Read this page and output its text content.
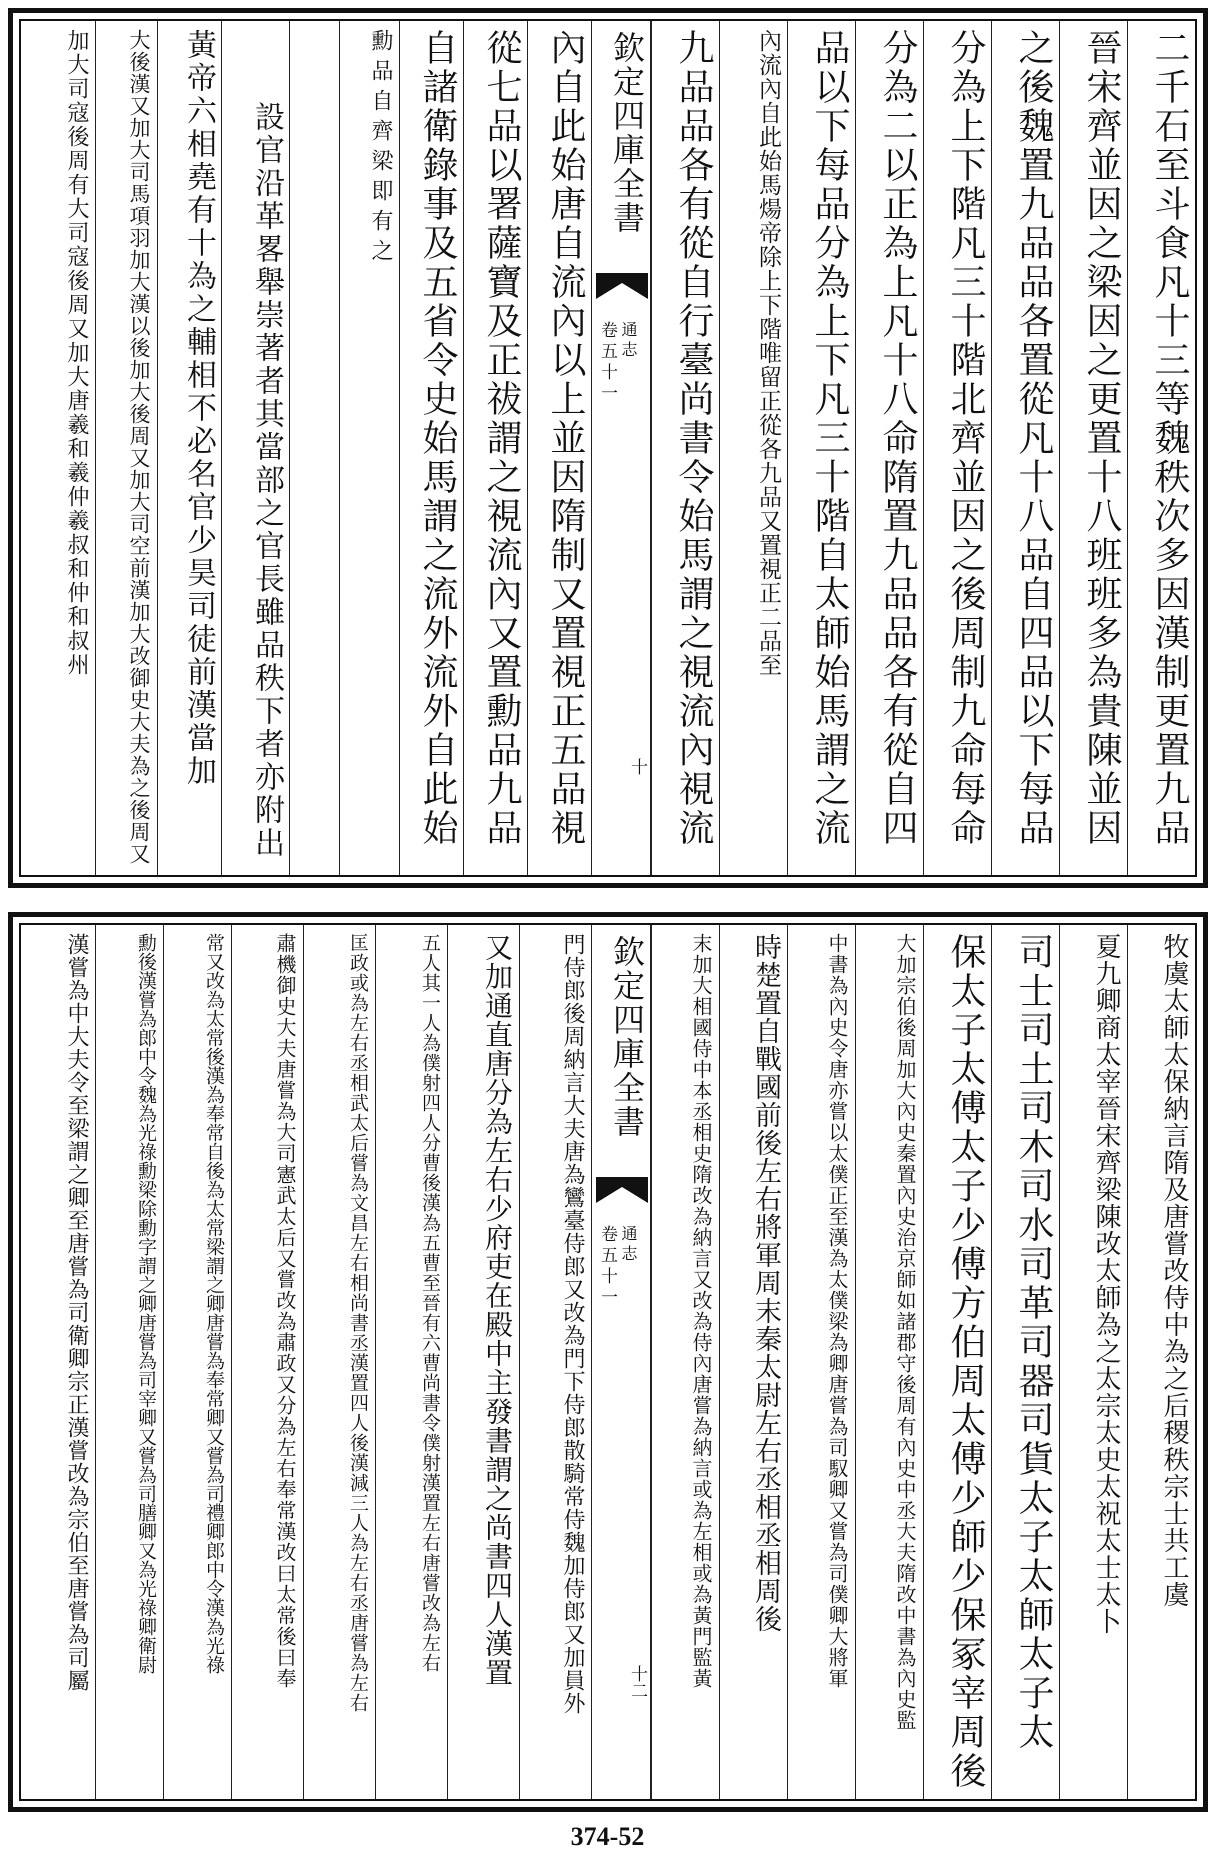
二千石至斗食凡十三等魏秩次多因漢制更置九品
晉宋齊並因之梁因之更置十八班班多為貴陳並因
之後魏置九品品各置從凡十八品自四品以下每品
分為上下階凡三十階北齊並因之後周制九命每命
分為二以正為上凡十八命隋置九品品各有從自四
品以下每品分為上下凡三十階自太師始馬謂之流
內流內自此始馬煬帝除上下階唯留正從各九品又置視正二品至
九品品各有從自行臺尚書令始馬謂之視流內視流
欽定四庫全書
卷五十一 通志
十
內自此始唐自流內以上並因隋制又置視正五品視
從七品以署薩寶及正祓謂之視流內又置勳品九品
自諸衛錄事及五省令史始馬謂之流外流外自此始
勳品自齊梁即有之
設官沿革畧舉崇著者其當部之官長雖品秩下者亦附出
黃帝六相堯有十為之輔相不必名官少昊司徒前漢當加
大後漢又加大司馬項羽加大漢以後加大後周又加大司空前漢加大改御史大夫為之後周又
加大司寇後周有大司寇後周又加大唐羲和羲仲羲叔和仲和叔州
牧虞太師太保納言隋及唐嘗改侍中為之后稷秩宗士共工虞
夏九卿商太宰晉宋齊梁陳改太師為之太宗太史太祝太士太卜
司士司土司木司水司革司器司貨太子太師太子太
保太子太傅太子少傅方伯周太傅少師少保冢宰周後
大加宗伯後周加大內史秦置內史治京師如諸郡守後周有內史中丞大夫隋改中書為內史監
中書為內史令唐亦嘗以太僕正至漢為太僕梁為卿唐嘗為司馭卿又嘗為司僕卿大將軍
時楚置自戰國前後左右將軍周末秦太尉左右丞相丞相周後
末加大相國侍中本丞相史隋改為納言又改為侍內唐嘗為納言或為左相或為黃門監黃
欽定四庫全書
卷五十一 通志
十二
門侍郎後周納言大夫唐為鸞臺侍郎又改為門下侍郎散騎常侍魏加侍郎又加員外
又加通直唐分為左右少府吏在殿中主發書謂之尚書四人漢置
五人其一人為僕射四人分曹後漢為五曹至晉有六曹尚書令僕射漢置左右唐嘗改為左右
匡政或為左右丞相武太后嘗為文昌左右相尚書丞漢置四人後漢減三人為左右丞唐嘗為左右
肅機御史大夫唐嘗為大司憲武太后又嘗改為肅政又分為左右奉常漢改曰太常後曰奉
常又改為太常後漢為奉常自後為太常梁謂之卿唐嘗為奉常卿又嘗為司禮卿郎中令漢為光祿
勳後漢嘗為郎中令魏為光祿勳梁除勳字謂之卿唐嘗為司宰卿又嘗為司膳卿又為光祿卿衛尉
漢嘗為中大夫令至梁謂之卿至唐嘗為司衛卿宗正漢嘗改為宗伯至唐嘗為司屬
374-52
